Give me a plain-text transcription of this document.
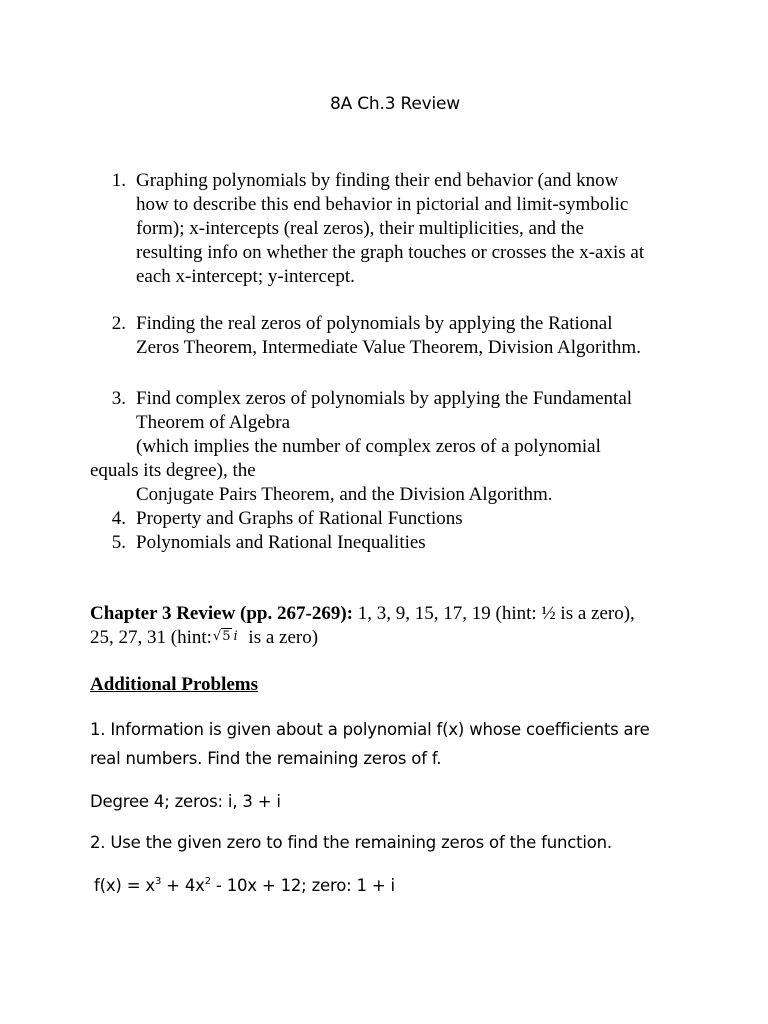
8A Ch.3 Review
1. Graphing polynomials by finding their end behavior (and know
how to describe this end behavior in pictorial and limit-symbolic
form); x-intercepts (real zeros), their multiplicities, and the
resulting info on whether the graph touches or crosses the x-axis at
each x-intercept; y-intercept.
2. Finding the real zeros of polynomials by applying the Rational
Zeros Theorem, Intermediate Value Theorem, Division Algorithm.
3. Find complex zeros of polynomials by applying the Fundamental
Theorem of Algebra
(which implies the number of complex zeros of a polynomial
equals its degree), the
Conjugate Pairs Theorem, and the Division Algorithm.
4. Property and Graphs of Rational Functions
5. Polynomials and Rational Inequalities
Chapter 3 Review (pp. 267-269): 1, 3, 9, 15, 17, 19 (hint: ½ is a zero),
25, 27, 31 (hint:√5 i is a zero)
Additional Problems
1. Information is given about a polynomial f(x) whose coefficients are
real numbers. Find the remaining zeros of f.
Degree 4; zeros: i, 3 + i
2. Use the given zero to find the remaining zeros of the function.
$f(x) = x^3 + 4x^2 - 10x + 12$; zero: 1 + i
